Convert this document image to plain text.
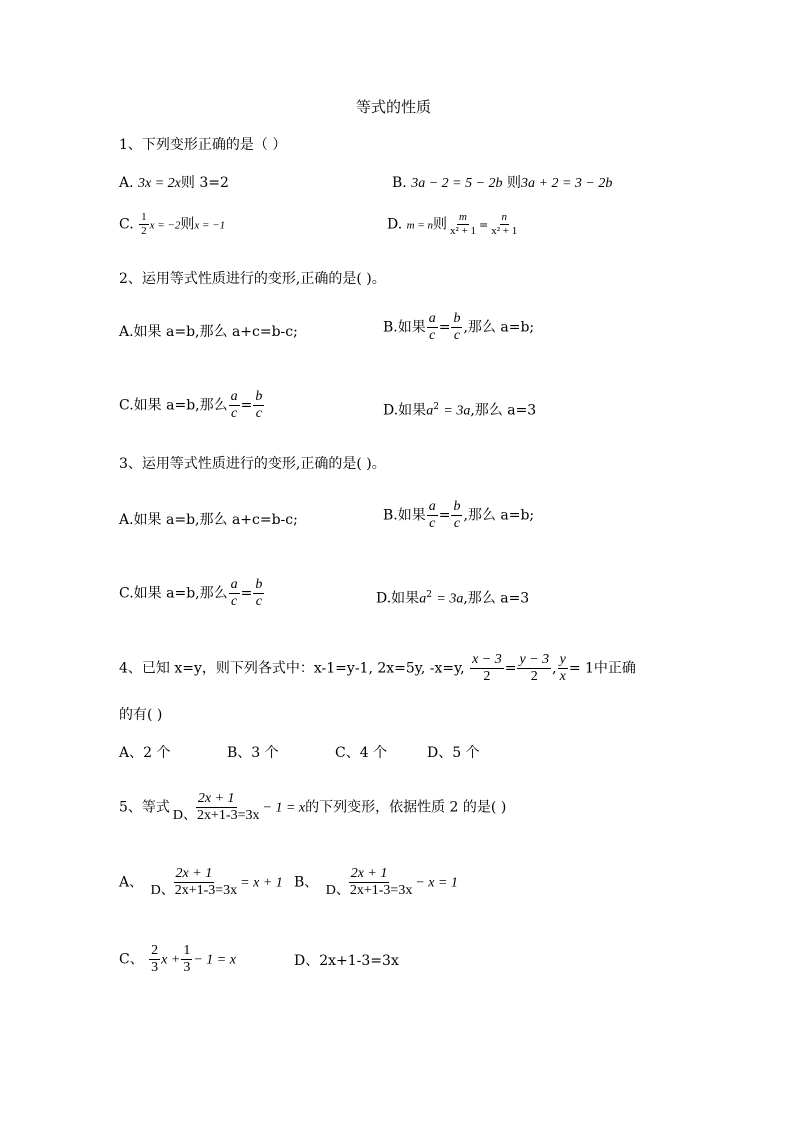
等式的性质
1、下列变形正确的是（ ）
A. 3x = 2x则 3=2	B. 3a − 2 = 5 − 2b 则3a + 2 = 3 − 2b
C. $\frac{1}{2}$ x = −2则x = −1	D. m = n则 $\frac{m}{\text{x² + 1}} = \frac{n}{\text{x² + 1}}$
2、运用等式性质进行的变形,正确的是( )。
A.如果 a=b,那么 a+c=b-c;	B.如果 $\frac{a}{c} = \frac{b}{c}$ ,那么 a=b;
C.如果 a=b,那么 $\frac{a}{c} = \frac{b}{c}$	D.如果$a^2 = 3a$,那么 a=3
3、运用等式性质进行的变形,正确的是( )。
A.如果 a=b,那么 a+c=b-c;	B.如果 $\frac{a}{c} = \frac{b}{c}$ ,那么 a=b;
C.如果 a=b,那么 $\frac{a}{c} = \frac{b}{c}$	D.如果$a^2 = 3a$,那么 a=3
4、已知 x=y，则下列各式中：x-1=y-1, 2x=5y, -x=y, $\frac{x - 3}{2} = \frac{y - 3}{2}$ , $\frac{y}{x} = 1$中正确
的有( )
A、2 个	B、3 个	C、4 个	D、5 个
5、等式 $\frac{2x + 1}{D、2x+1-3=3x} - 1 = x$的下列变形，依据性质 2 的是( )
A、 $\frac{2x + 1}{D、2x+1-3=3x} = x + 1$ B、 $\frac{2x + 1}{D、2x+1-3=3x} - x = 1$
C、 $\frac{2}{3}$ $x + \frac{1}{3} - 1 = x$	D、2x+1-3=3x
